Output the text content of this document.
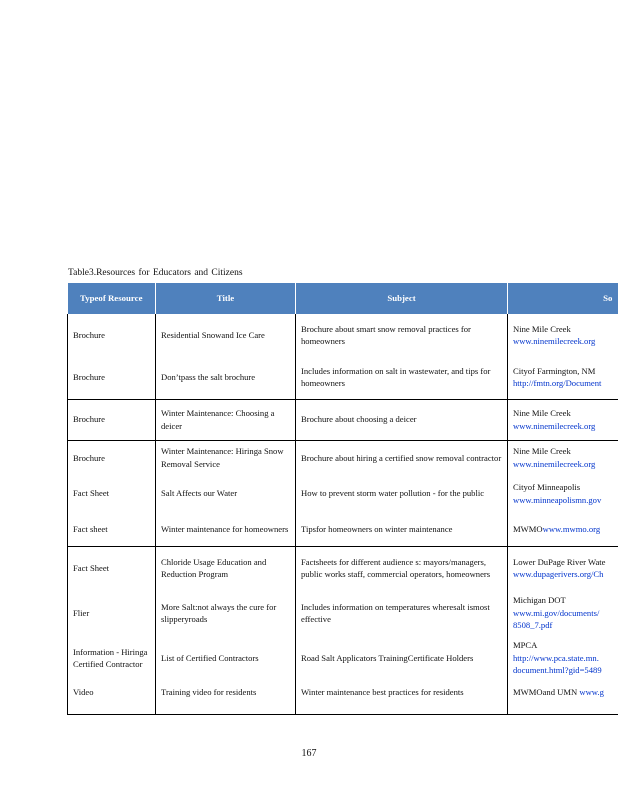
Table3.Resources for Educators and Citizens
Typeof Resource	Title	Subject	So
Brochure	Residential Snowand Ice Care	Brochure about smart snow removal practices for homeowners	Nine Mile Creek
www.ninemilecreek.org
Brochure	Don’tpass the salt brochure	Includes information on salt in wastewater, and tips for homeowners	Cityof Farmington, NM
http://fmtn.org/Document
Brochure	Winter Maintenance: Choosing a deicer	Brochure about choosing a deicer	Nine Mile Creek
www.ninemilecreek.org
Brochure	Winter Maintenance: Hiringa Snow Removal Service	Brochure about hiring a certified snow removal contractor	Nine Mile Creek
www.ninemilecreek.org
Fact Sheet	Salt Affects our Water	How to prevent storm water pollution - for the public	Cityof Minneapolis
www.minneapolismn.gov
Fact sheet	Winter maintenance for homeowners	Tipsfor homeowners on winter maintenance	MWMOwww.mwmo.org
Fact Sheet	Chloride Usage Education and Reduction Program	Factsheets for different audience s: mayors/managers, public works staff, commercial operators, homeowners	Lower DuPage River Wate
www.dupagerivers.org/Ch
Flier	More Salt:not always the cure for slipperyroads	Includes information on temperatures wheresalt ismost effective	Michigan DOT
www.mi.gov/documents/
8508_7.pdf
Information - Hiringa Certified Contractor	List of Certified Contractors	Road Salt Applicators TrainingCertificate Holders	MPCA
http://www.pca.state.mn.
document.html?gid=5489
Video	Training video for residents	Winter maintenance best practices for residents	MWMOand UMN www.g
167
